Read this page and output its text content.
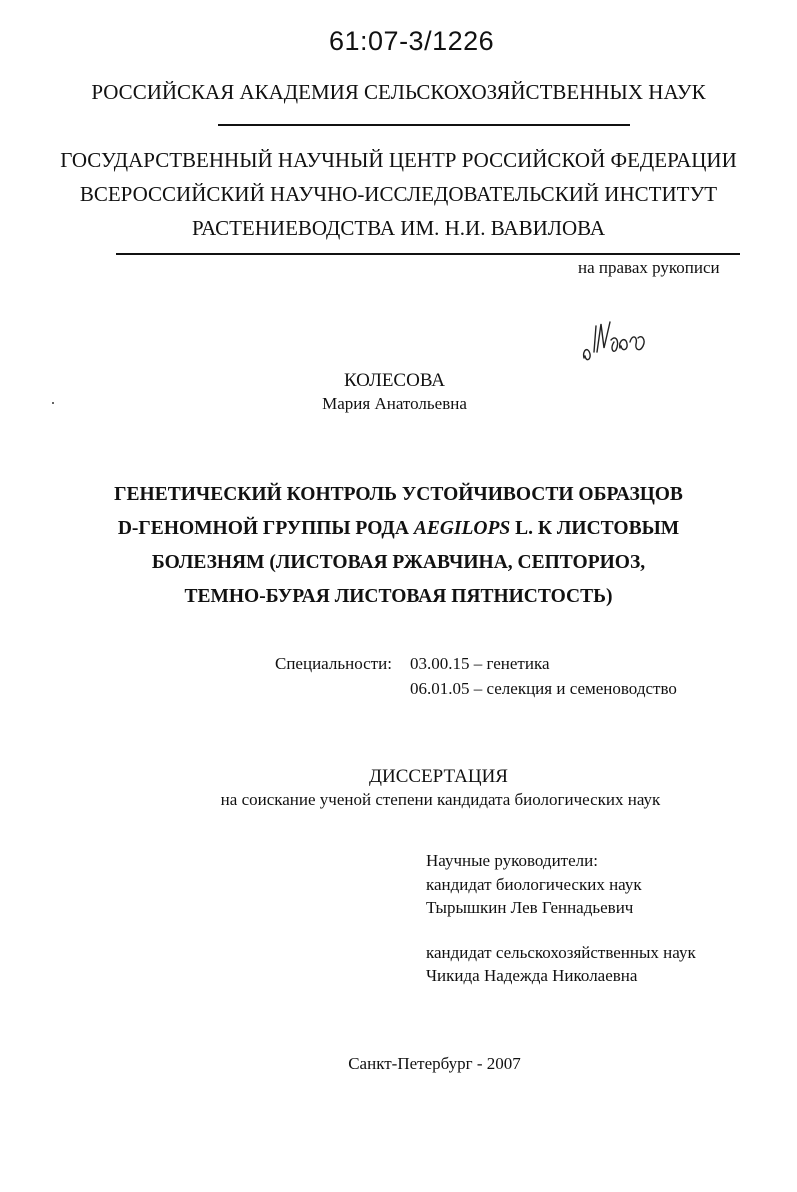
61:07-3/1226
РОССИЙСКАЯ АКАДЕМИЯ СЕЛЬСКОХОЗЯЙСТВЕННЫХ НАУК
ГОСУДАРСТВЕННЫЙ НАУЧНЫЙ ЦЕНТР РОССИЙСКОЙ ФЕДЕРАЦИИ
ВСЕРОССИЙСКИЙ НАУЧНО-ИССЛЕДОВАТЕЛЬСКИЙ ИНСТИТУТ
РАСТЕНИЕВОДСТВА ИМ. Н.И. ВАВИЛОВА
на правах рукописи
КОЛЕСОВА
Мария Анатольевна
ГЕНЕТИЧЕСКИЙ КОНТРОЛЬ УСТОЙЧИВОСТИ ОБРАЗЦОВ
D-ГЕНОМНОЙ ГРУППЫ РОДА AEGILOPS L. К ЛИСТОВЫМ
БОЛЕЗНЯМ (ЛИСТОВАЯ РЖАВЧИНА, СЕПТОРИОЗ,
ТЕМНО-БУРАЯ ЛИСТОВАЯ ПЯТНИСТОСТЬ)
Специальности: 03.00.15 – генетика
06.01.05 – селекция и семеноводство
ДИССЕРТАЦИЯ
на соискание ученой степени кандидата биологических наук
Научные руководители:
кандидат биологических наук
Тырышкин Лев Геннадьевич
кандидат сельскохозяйственных наук
Чикида Надежда Николаевна
Санкт-Петербург - 2007
